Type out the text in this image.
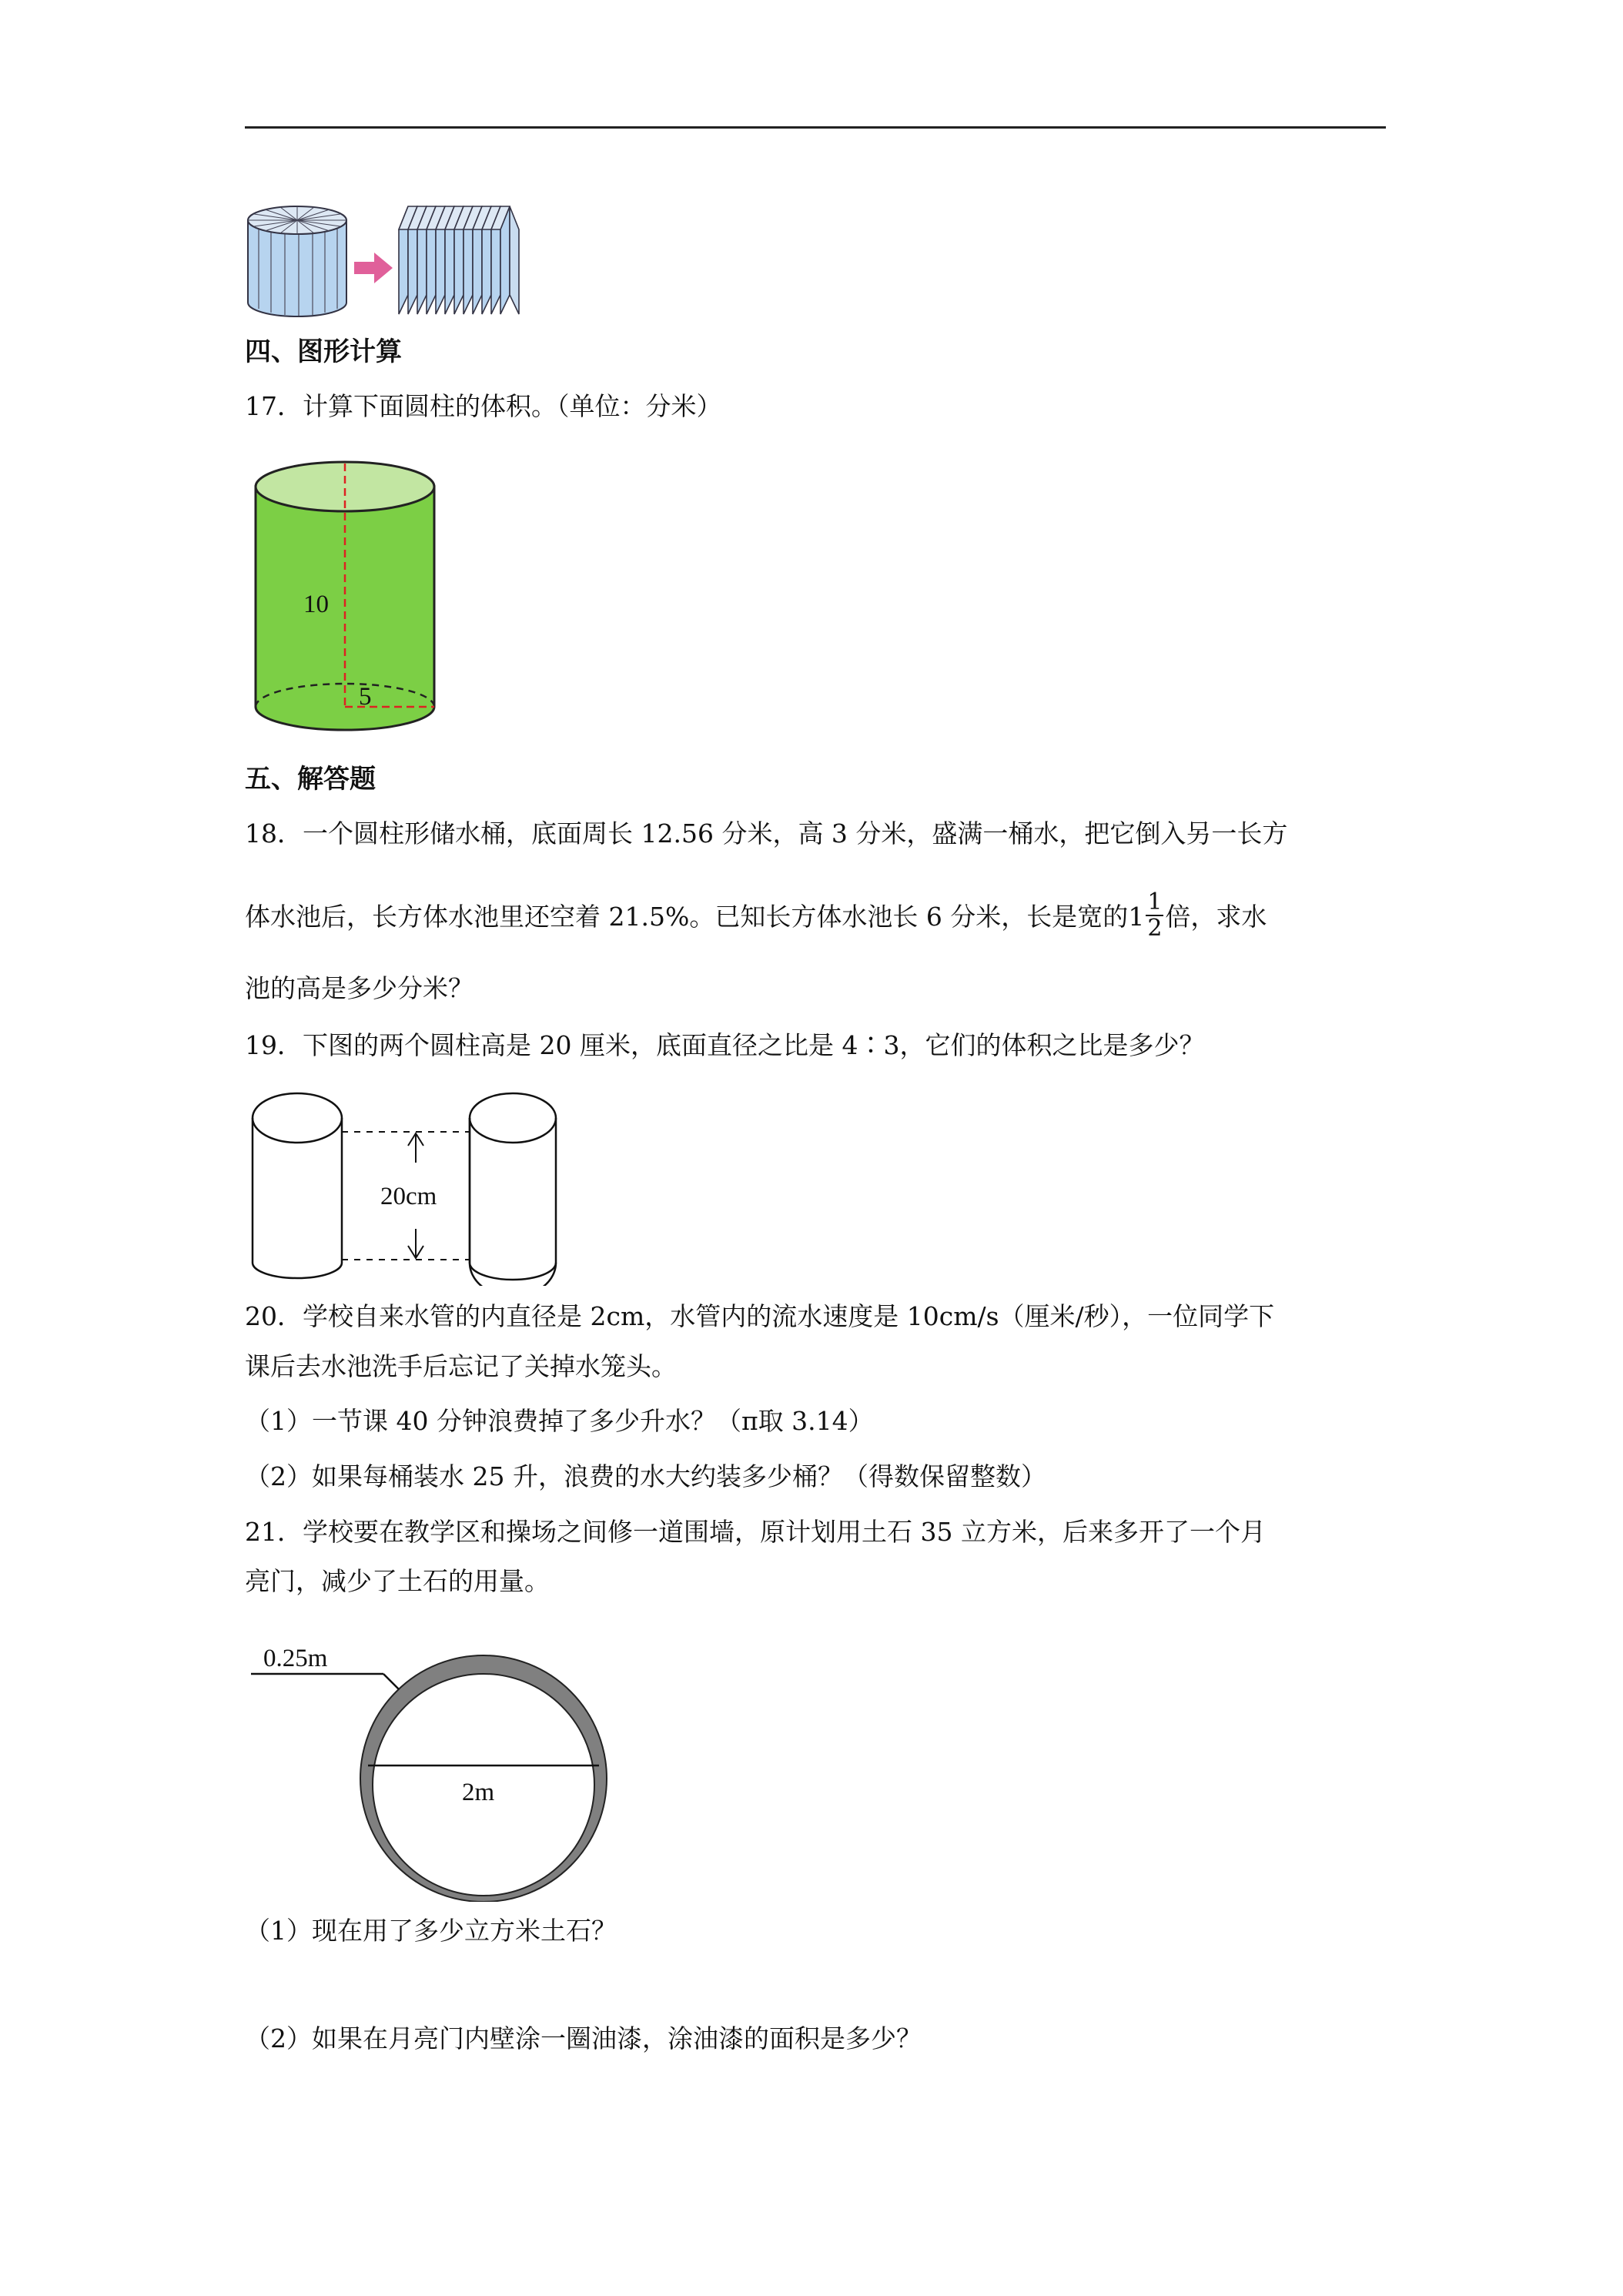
四、图形计算
17．计算下面圆柱的体积。（单位：分米）
10
5
五、解答题
18．一个圆柱形储水桶，底面周长 12.56 分米，高 3 分米，盛满一桶水，把它倒入另一长方
体水池后，长方体水池里还空着 21.5%。已知长方体水池长 6 分米，长是宽的$1 \frac{1}{2}$ 倍，求水
池的高是多少分米？
19．下图的两个圆柱高是 20 厘米，底面直径之比是 4∶3，它们的体积之比是多少？
20cm
20．学校自来水管的内直径是 2cm，水管内的流水速度是 10cm/s（厘米/秒），一位同学下
课后去水池洗手后忘记了关掉水笼头。
（1）一节课 40 分钟浪费掉了多少升水？（π取 3.14）
（2）如果每桶装水 25 升，浪费的水大约装多少桶？（得数保留整数）
21．学校要在教学区和操场之间修一道围墙，原计划用土石 35 立方米，后来多开了一个月
亮门，减少了土石的用量。
0.25m
2m
（1）现在用了多少立方米土石？
（2）如果在月亮门内壁涂一圈油漆，涂油漆的面积是多少？
